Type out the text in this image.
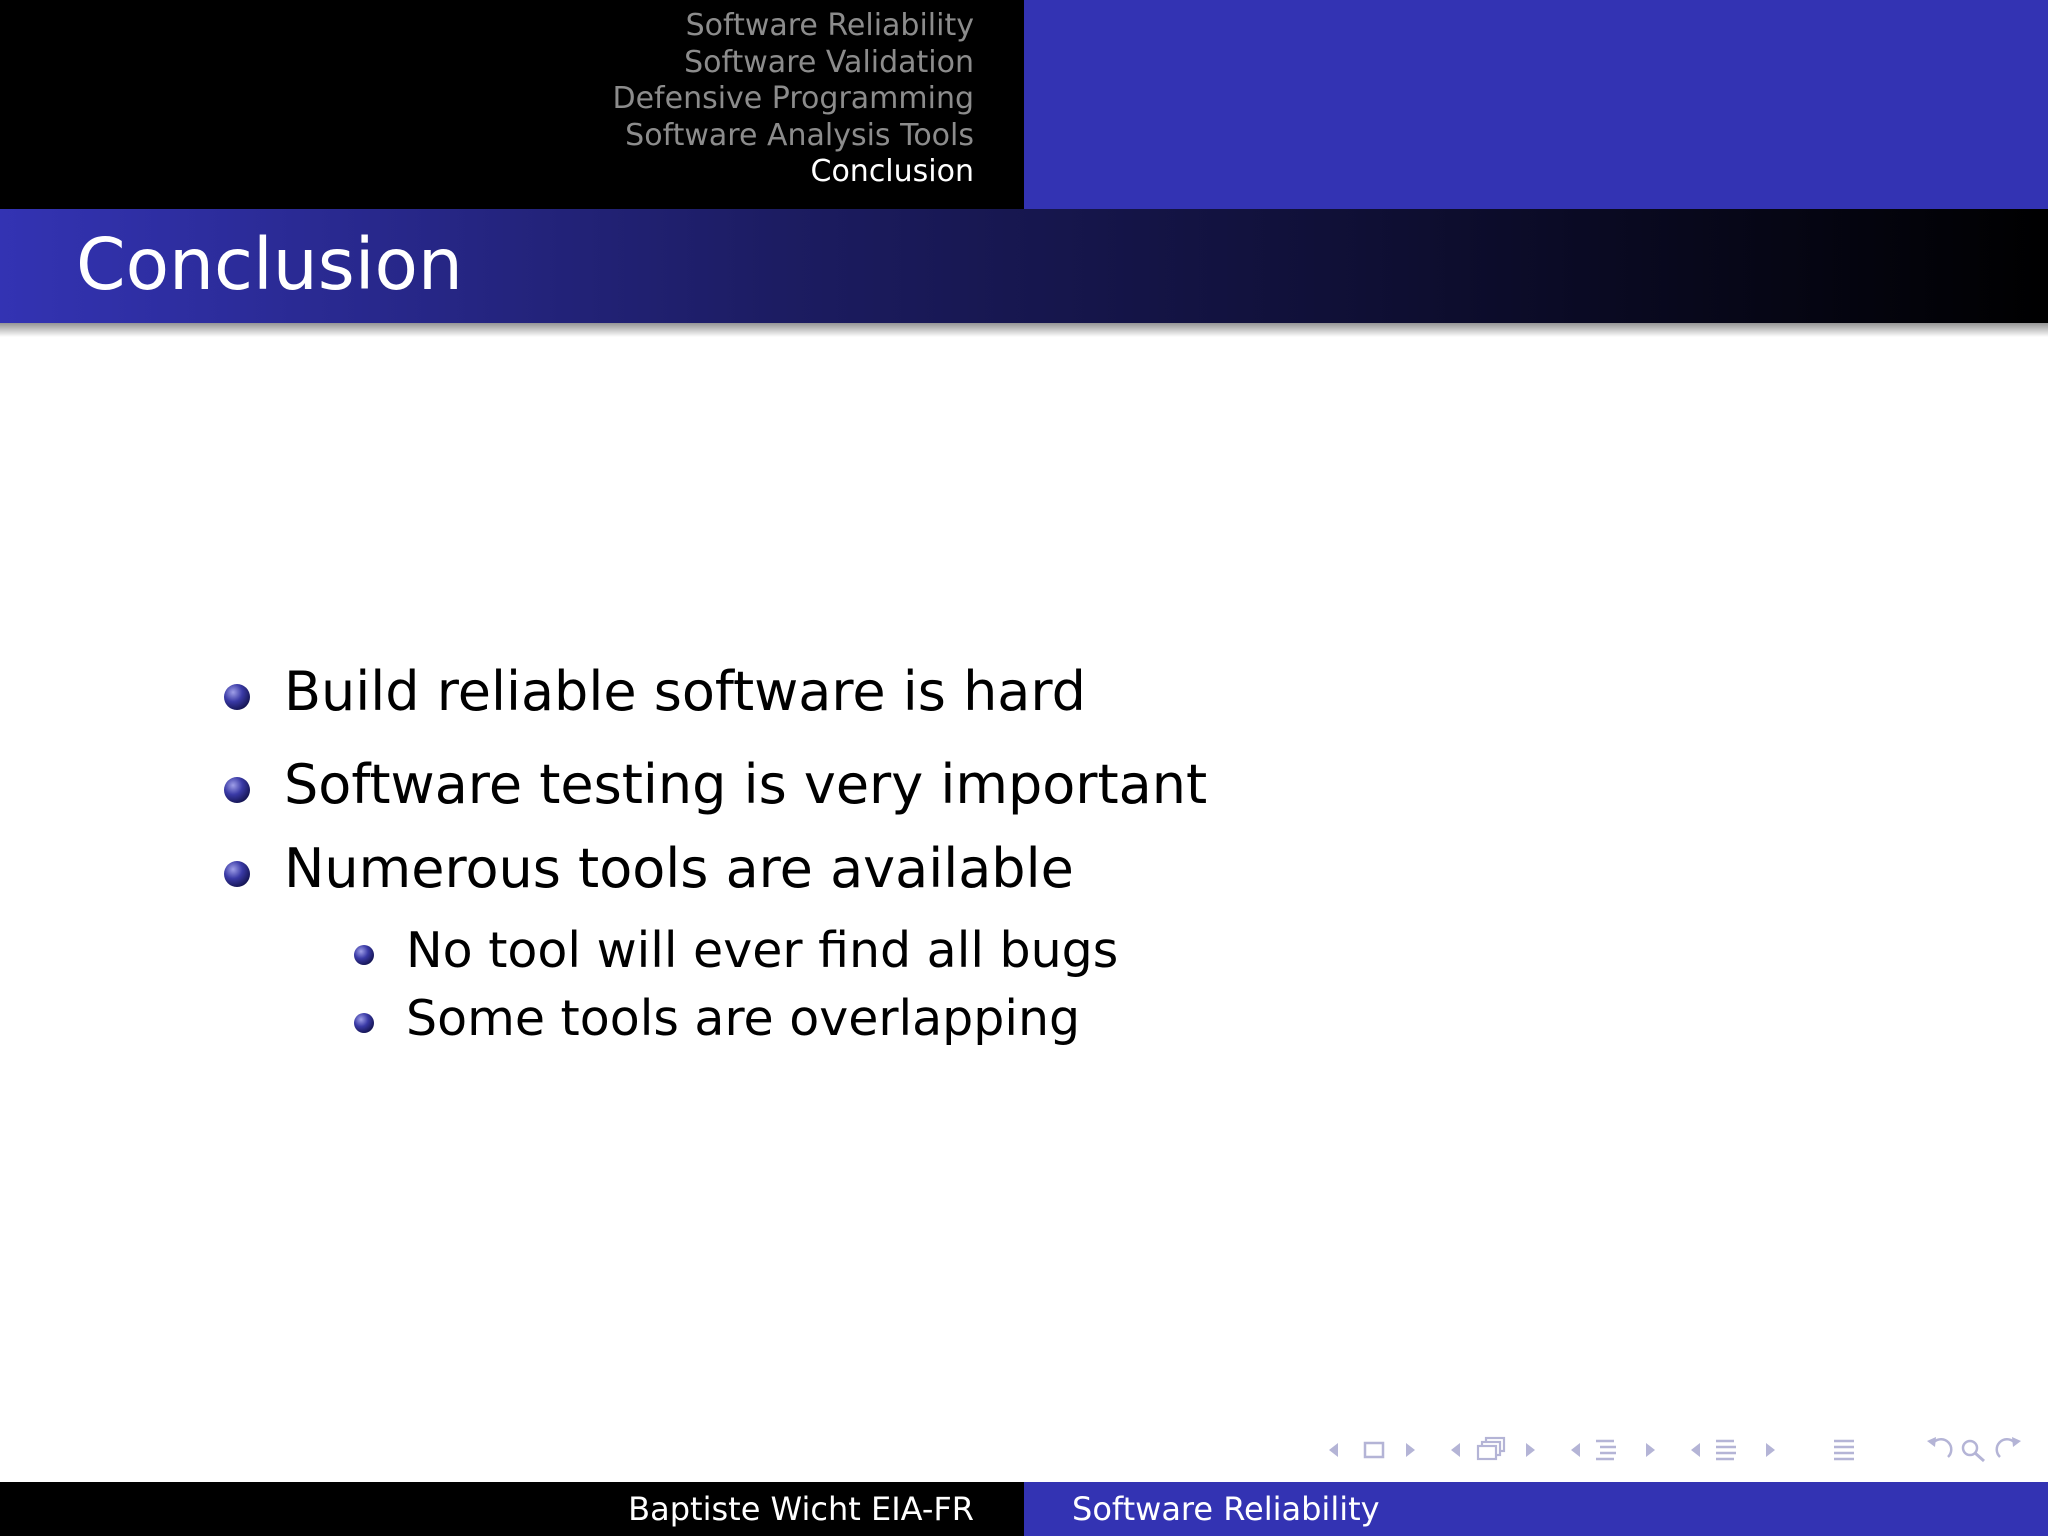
Software Reliability
Software Validation
Defensive Programming
Software Analysis Tools
Conclusion
Conclusion
Build reliable software is hard
Software testing is very important
Numerous tools are available
No tool will ever find all bugs
Some tools are overlapping
Baptiste Wicht EIA-FR	Software Reliability
